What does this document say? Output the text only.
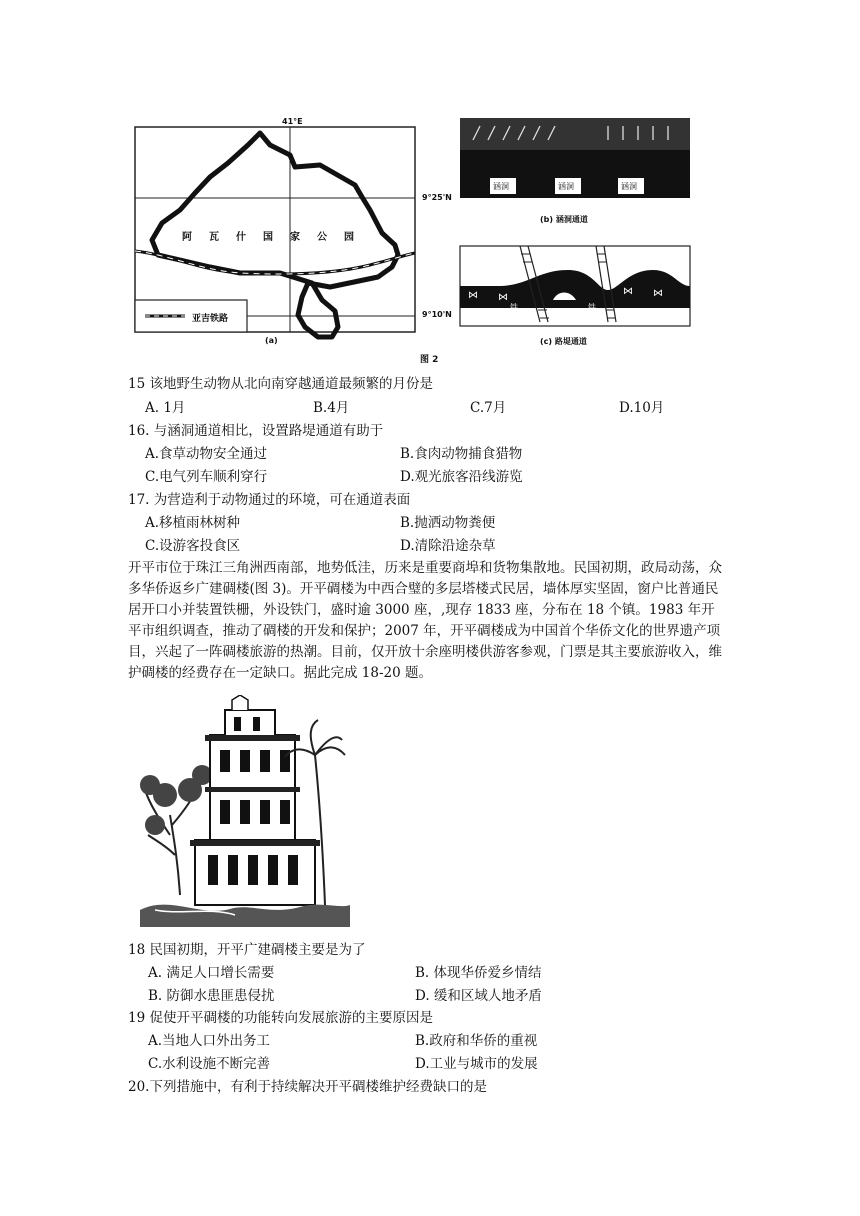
41°E
9°25'N
9°10'N
阿瓦什国家公园
亚吉铁路
(a)
涵洞	涵洞	涵洞
(b) 涵洞通道
⋈ ⋈
⋈ ⋈
铁轨
铁轨
(c) 路堤通道
图 2
15 该地野生动物从北向南穿越通道最频繁的月份是
A. 1月	B.4月	C.7月	D.10月
16. 与涵洞通道相比，设置路堤通道有助于
A.食草动物安全通过	B.食肉动物捕食猎物
C.电气列车顺利穿行	D.观光旅客沿线游览
17. 为营造利于动物通过的环境，可在通道表面
A.移植雨林树种	B.抛洒动物粪便
C.设游客投食区	D.清除沿途杂草
开平市位于珠江三角洲西南部，地势低洼，历来是重要商埠和货物集散地。民国初期，政局动荡，众多华侨返乡广建碉楼(图 3)。开平碉楼为中西合璧的多层塔楼式民居，墙体厚实坚固，窗户比普通民居开口小并装置铁栅，外设铁门，盛时逾 3000 座，,现存 1833 座，分布在 18 个镇。1983 年开平市组织调查，推动了碉楼的开发和保护；2007 年，开平碉楼成为中国首个华侨文化的世界遗产项目，兴起了一阵碉楼旅游的热潮。目前，仅开放十余座明楼供游客参观，门票是其主要旅游收入，维护碉楼的经费存在一定缺口。据此完成 18-20 题。
18 民国初期，开平广建碉楼主要是为了
A. 满足人口增长需要	B. 体现华侨爱乡情结
B. 防御水患匪患侵扰	D. 缓和区域人地矛盾
19 促使开平碉楼的功能转向发展旅游的主要原因是
A.当地人口外出务工	B.政府和华侨的重视
C.水利设施不断完善	D.工业与城市的发展
20.下列措施中，有利于持续解决开平碉楼维护经费缺口的是
